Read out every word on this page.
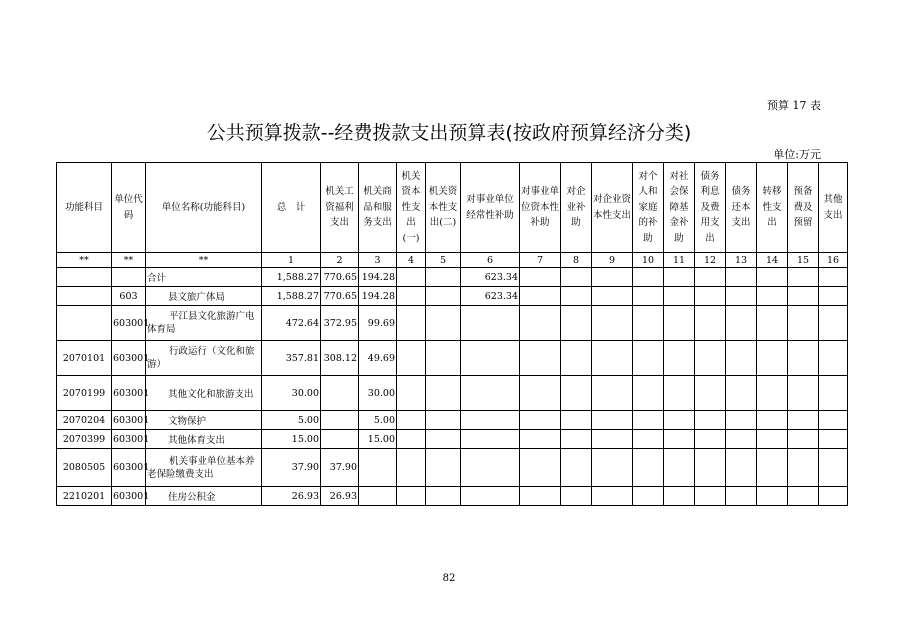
预算 17 表
公共预算拨款--经费拨款支出预算表(按政府预算经济分类)
单位:万元
功能科目	单位代码	单位名称(功能科目)	总　计	机关工资福利支出	机关商品和服务支出	机关资本性支出(一)	机关资本性支出(二)	对事业单位经常性补助	对事业单位资本性补助	对企业补助	对企业资本性支出	对个人和家庭的补助	对社会保障基金补助	债务利息及费用支出	债务还本支出	转移性支出	预备费及预留	其他支出
**	**	**	1	2	3	4	5	6	7	8	9	10	11	12	13	14	15	16
		合计	1,588.27	770.65	194.28			623.34										
	603	县文旅广体局	1,588.27	770.65	194.28			623.34										
	603001	平江县文化旅游广电体育局	472.64	372.95	99.69													
2070101	603001	行政运行（文化和旅游）	357.81	308.12	49.69													
2070199	603001	其他文化和旅游支出	30.00		30.00													
2070204	603001	文物保护	5.00		5.00													
2070399	603001	其他体育支出	15.00		15.00													
2080505	603001	机关事业单位基本养老保险缴费支出	37.90	37.90														
2210201	603001	住房公积金	26.93	26.93														
82
